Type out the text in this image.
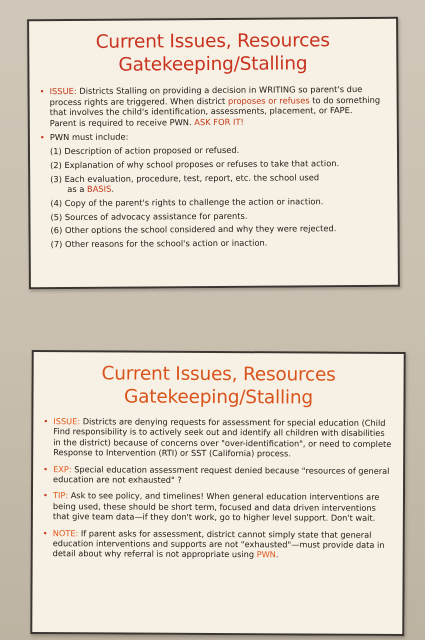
Current Issues, Resources
Gatekeeping/Stalling
• ISSUE: Districts Stalling on providing a decision in WRITING so parent's due process rights are triggered. When district proposes or refuses to do something that involves the child's identification, assessments, placement, or FAPE.
Parent is required to receive PWN. ASK FOR IT!
• PWN must include:
(1) Description of action proposed or refused.
(2) Explanation of why school proposes or refuses to take that action.
(3) Each evaluation, procedure, test, report, etc. the school used
as a BASIS.
(4) Copy of the parent's rights to challenge the action or inaction.
(5) Sources of advocacy assistance for parents.
(6) Other options the school considered and why they were rejected.
(7) Other reasons for the school's action or inaction.
Current Issues, Resources
Gatekeeping/Stalling
• ISSUE: Districts are denying requests for assessment for special education (Child Find responsibility is to actively seek out and identify all children with disabilities in the district) because of concerns over "over-identification", or need to complete Response to Intervention (RTI) or SST (California) process.
• EXP: Special education assessment request denied because "resources of general education are not exhausted" ?
• TIP: Ask to see policy, and timelines! When general education interventions are being used, these should be short term, focused and data driven interventions that give team data—if they don't work, go to higher level support. Don't wait.
• NOTE: If parent asks for assessment, district cannot simply state that general education interventions and supports are not "exhausted"—must provide data in detail about why referral is not appropriate using PWN.
